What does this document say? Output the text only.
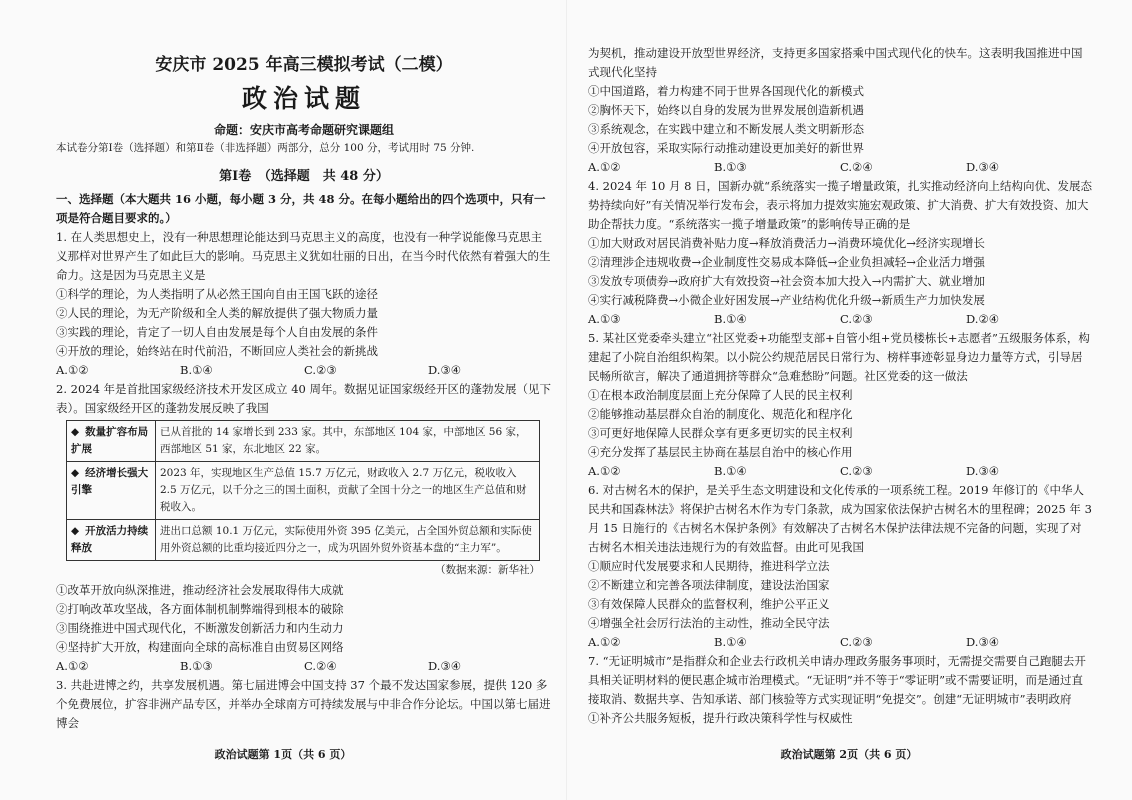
安庆市 2025 年高三模拟考试（二模）
政治试题
命题：安庆市高考命题研究课题组
本试卷分第Ⅰ卷（选择题）和第Ⅱ卷（非选择题）两部分，总分 100 分，考试用时 75 分钟.
第Ⅰ卷　（选择题　共 48 分）

一、选择题（本大题共 16 小题，每小题 3 分，共 48 分。在每小题给出的四个选项中，只有一项是符合题目要求的。）

1. 在人类思想史上，没有一种思想理论能达到马克思主义的高度，也没有一种学说能像马克思主义那样对世界产生了如此巨大的影响。马克思主义犹如壮丽的日出，在当今时代依然有着强大的生命力。这是因为马克思主义是

①科学的理论，为人类指明了从必然王国向自由王国飞跃的途径

②人民的理论，为无产阶级和全人类的解放提供了强大物质力量

③实践的理论，肯定了一切人自由发展是每个人自由发展的条件

④开放的理论，始终站在时代前沿，不断回应人类社会的新挑战

A.①②	B.①④	C.②③	D.③④

2. 2024 年是首批国家级经济技术开发区成立 40 周年。数据见证国家级经开区的蓬勃发展（见下表）。国家级经开区的蓬勃发展反映了我国

◆ 数量扩容布局扩展	已从首批的 14 家增长到 233 家。其中，东部地区 104 家，中部地区 56 家，西部地区 51 家，东北地区 22 家。
◆ 经济增长强大引擎	2023 年，实现地区生产总值 15.7 万亿元，财政收入 2.7 万亿元，税收收入 2.5 万亿元，以千分之三的国土面积，贡献了全国十分之一的地区生产总值和财税收入。
◆ 开放活力持续释放	进出口总额 10.1 万亿元，实际使用外资 395 亿美元，占全国外贸总额和实际使用外资总额的比重均接近四分之一，成为巩固外贸外资基本盘的“主力军”。
（数据来源：新华社）

①改革开放向纵深推进，推动经济社会发展取得伟大成就

②打响改革攻坚战，各方面体制机制弊端得到根本的破除

③围绕推进中国式现代化，不断激发创新活力和内生动力

④坚持扩大开放，构建面向全球的高标准自由贸易区网络

A.①②	B.①③	C.②④	D.③④

3. 共赴进博之约，共享发展机遇。第七届进博会中国支持 37 个最不发达国家参展，提供 120 多个免费展位，扩容非洲产品专区，并举办全球南方可持续发展与中非合作分论坛。中国以第七届进博会

政治试题第 1页（共 6 页）

为契机，推动建设开放型世界经济，支持更多国家搭乘中国式现代化的快车。这表明我国推进中国式现代化坚持

①中国道路，着力构建不同于世界各国现代化的新模式

②胸怀天下，始终以自身的发展为世界发展创造新机遇

③系统观念，在实践中建立和不断发展人类文明新形态

④开放包容，采取实际行动推动建设更加美好的新世界

A.①②	B.①③	C.②④	D.③④

4. 2024 年 10 月 8 日，国新办就“系统落实一揽子增量政策，扎实推动经济向上结构向优、发展态势持续向好”有关情况举行发布会，表示将加力提效实施宏观政策、扩大消费、扩大有效投资、加大助企帮扶力度。“系统落实一揽子增量政策”的影响传导正确的是

①加大财政对居民消费补贴力度→释放消费活力→消费环境优化→经济实现增长

②清理涉企违规收费→企业制度性交易成本降低→企业负担减轻→企业活力增强

③发放专项债券→政府扩大有效投资→社会资本加大投入→内需扩大、就业增加

④实行减税降费→小微企业好困发展→产业结构优化升级→新质生产力加快发展

A.①③	B.①④	C.②③	D.②④

5. 某社区党委牵头建立“社区党委+功能型支部+自管小组+党员楼栋长+志愿者”五级服务体系，构建起了小院自治组织构架。以小院公约规范居民日常行为、榜样事迹彰显身边力量等方式，引导居民畅所欲言，解决了通道拥挤等群众“急难愁盼”问题。社区党委的这一做法

①在根本政治制度层面上充分保障了人民的民主权利

②能够推动基层群众自治的制度化、规范化和程序化

③可更好地保障人民群众享有更多更切实的民主权利

④充分发挥了基层民主协商在基层自治中的核心作用

A.①②	B.①④	C.②③	D.③④

6. 对古树名木的保护，是关乎生态文明建设和文化传承的一项系统工程。2019 年修订的《中华人民共和国森林法》将保护古树名木作为专门条款，成为国家依法保护古树名木的里程碑；2025 年 3 月 15 日施行的《古树名木保护条例》有效解决了古树名木保护法律法规不完备的问题，实现了对古树名木相关违法违规行为的有效监督。由此可见我国

①顺应时代发展要求和人民期待，推进科学立法

②不断建立和完善各项法律制度，建设法治国家

③有效保障人民群众的监督权利，维护公平正义

④增强全社会厉行法治的主动性，推动全民守法

A.①②	B.①④	C.②③	D.③④

7. “无证明城市”是指群众和企业去行政机关申请办理政务服务事项时，无需提交需要自己跑腿去开具相关证明材料的便民惠企城市治理模式。“无证明”并不等于“零证明”或不需要证明，而是通过直接取消、数据共享、告知承诺、部门核验等方式实现证明“免提交”。创建“无证明城市”表明政府

①补齐公共服务短板，提升行政决策科学性与权威性

政治试题第 2页（共 6 页）
